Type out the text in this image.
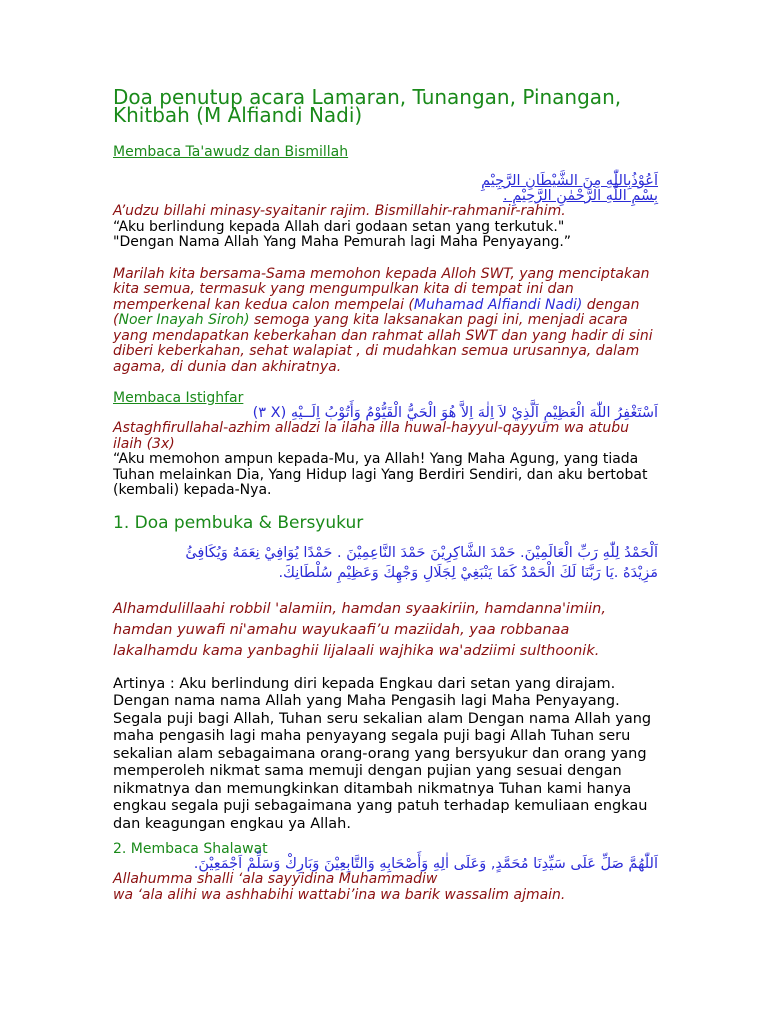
Doa penutup acara Lamaran, Tunangan, Pinangan,
Khitbah (M Alfiandi Nadi)
Membaca Ta'awudz dan Bismillah
اَعُوْذُبِاللّٰهِ مِنَ الشَّيْطَانِ الرَّجِيْمِ
بِسْمِ اللّٰهِ الرَّحْمٰنِ الرَّحِيْمِ .
A’udzu billahi minasy-syaitanir rajim. Bismillahir-rahmanir-rahim.
“Aku berlindung kepada Allah dari godaan setan yang terkutuk."
"Dengan Nama Allah Yang Maha Pemurah lagi Maha Penyayang.”

Marilah kita bersama-Sama memohon kepada Alloh SWT, yang menciptakan kita semua, termasuk yang mengumpulkan kita di tempat ini dan memperkenal kan kedua calon mempelai (Muhamad Alfiandi Nadi) dengan (Noer Inayah Siroh) semoga yang kita laksanakan pagi ini, menjadi acara yang mendapatkan keberkahan dan rahmat allah SWT dan yang hadir di sini diberi keberkahan, sehat walapiat , di mudahkan semua urusannya, dalam agama, di dunia dan akhiratnya.

Membaca Istighfar
اَسْتَغْفِرُ اللّٰهَ الْعَظِيْمِ اَلَّذِيْ لاَ اِلٰهَ اِلاَّ هُوَ الْحَيُّ الْقَيُّوْمُ وَأَتُوْبُ اِلَــيْهِ (X ٣)
Astaghfirullahal-azhim alladzi la ilaha illa huwal-hayyul-qayyum wa atubu ilaih (3x)
“Aku memohon ampun kepada-Mu, ya Allah! Yang Maha Agung, yang tiada Tuhan melainkan Dia, Yang Hidup lagi Yang Berdiri Sendiri, dan aku bertobat (kembali) kepada-Nya.
1. Doa pembuka & Bersyukur
اَلْحَمْدُ لِلّٰهِ رَبِّ الْعَالَمِيْنَ. حَمْدَ الشَّاكِرِيْنَ حَمْدَ النَّاعِمِيْنَ . حَمْدًا يُوَافِيْ نِعَمَهُ وَيُكَافِئُ
مَزِيْدَهُ .يَا رَبَّنَا لَكَ الْحَمْدُ كَمَا يَنْبَغِيْ لِجَلَالِ وَجْهِكَ وَعَظِيْمِ سُلْطَانِكَ.
Alhamdulillaahi robbil 'alamiin, hamdan syaakiriin, hamdanna'imiin,
hamdan yuwafi ni'amahu wayukaafi’u maziidah, yaa robbanaa
lakalhamdu kama yanbaghii lijalaali wajhika wa'adziimi sulthoonik.
Artinya : Aku berlindung diri kepada Engkau dari setan yang dirajam. Dengan nama nama Allah yang Maha Pengasih lagi Maha Penyayang. Segala puji bagi Allah, Tuhan seru sekalian alam Dengan nama Allah yang maha pengasih lagi maha penyayang segala puji bagi Allah Tuhan seru sekalian alam sebagaimana orang-orang yang bersyukur dan orang yang memperoleh nikmat sama memuji dengan pujian yang sesuai dengan nikmatnya dan memungkinkan ditambah nikmatnya Tuhan kami hanya engkau segala puji sebagaimana yang patuh terhadap kemuliaan engkau dan keagungan engkau ya Allah.
2. Membaca Shalawat
اَللّٰهُمَّ صَلِّ عَلَى سَيِّدِنَا مُحَمَّدٍ, وَعَلَى اٰلِهِ وَأَصْحَابِهِ وَالتَّابِعِيْنَ وَبَارِكْ وَسَلِّمْ اَجْمَعِيْنَ.
Allahumma shalli ‘ala sayyidina Muhammadiw
wa ‘ala alihi wa ashhabihi wattabi’ina wa barik wassalim ajmain.
